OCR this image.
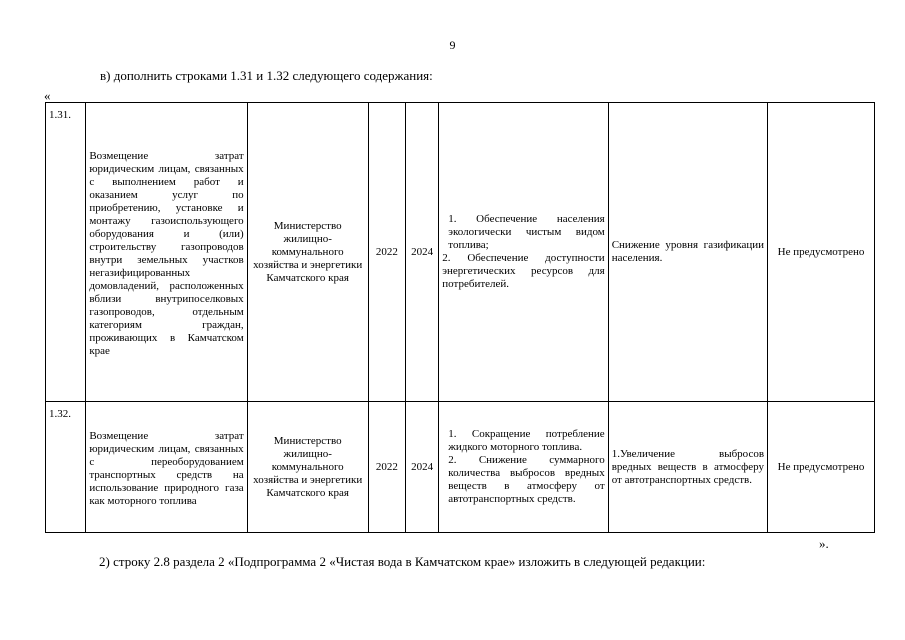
9
в) дополнить строками 1.31 и 1.32 следующего содержания:
«
1.31.	Возмещение затрат юридическим лицам, связанных с выполнением работ и оказанием услуг по приобретению, установке и монтажу газоиспользующего оборудования и (или) строительству газопроводов внутри земельных участков негазифицированных домовладений, расположенных вблизи внутрипоселковых газопроводов, отдельным категориям граждан, проживающих в Камчатском крае	Министерство жилищно-коммунального хозяйства и энергетики Камчатского края	2022	2024	1. Обеспечение населения экологически чистым видом топлива;
2. Обеспечение доступности энергетических ресурсов для потребителей.	Снижение уровня газификации населения.	Не предусмотрено
1.32.	Возмещение затрат юридическим лицам, связанных с переоборудованием транспортных средств на использование природного газа как моторного топлива	Министерство жилищно-коммунального хозяйства и энергетики Камчатского края	2022	2024	1. Сокращение потребление жидкого моторного топлива.
2. Снижение суммарного количества выбросов вредных веществ в атмосферу от автотранспортных средств.	1.Увеличение выбросов вредных веществ в атмосферу от автотранспортных средств.	Не предусмотрено
».
2) строку 2.8 раздела 2 «Подпрограмма 2 «Чистая вода в Камчатском крае» изложить в следующей редакции:
